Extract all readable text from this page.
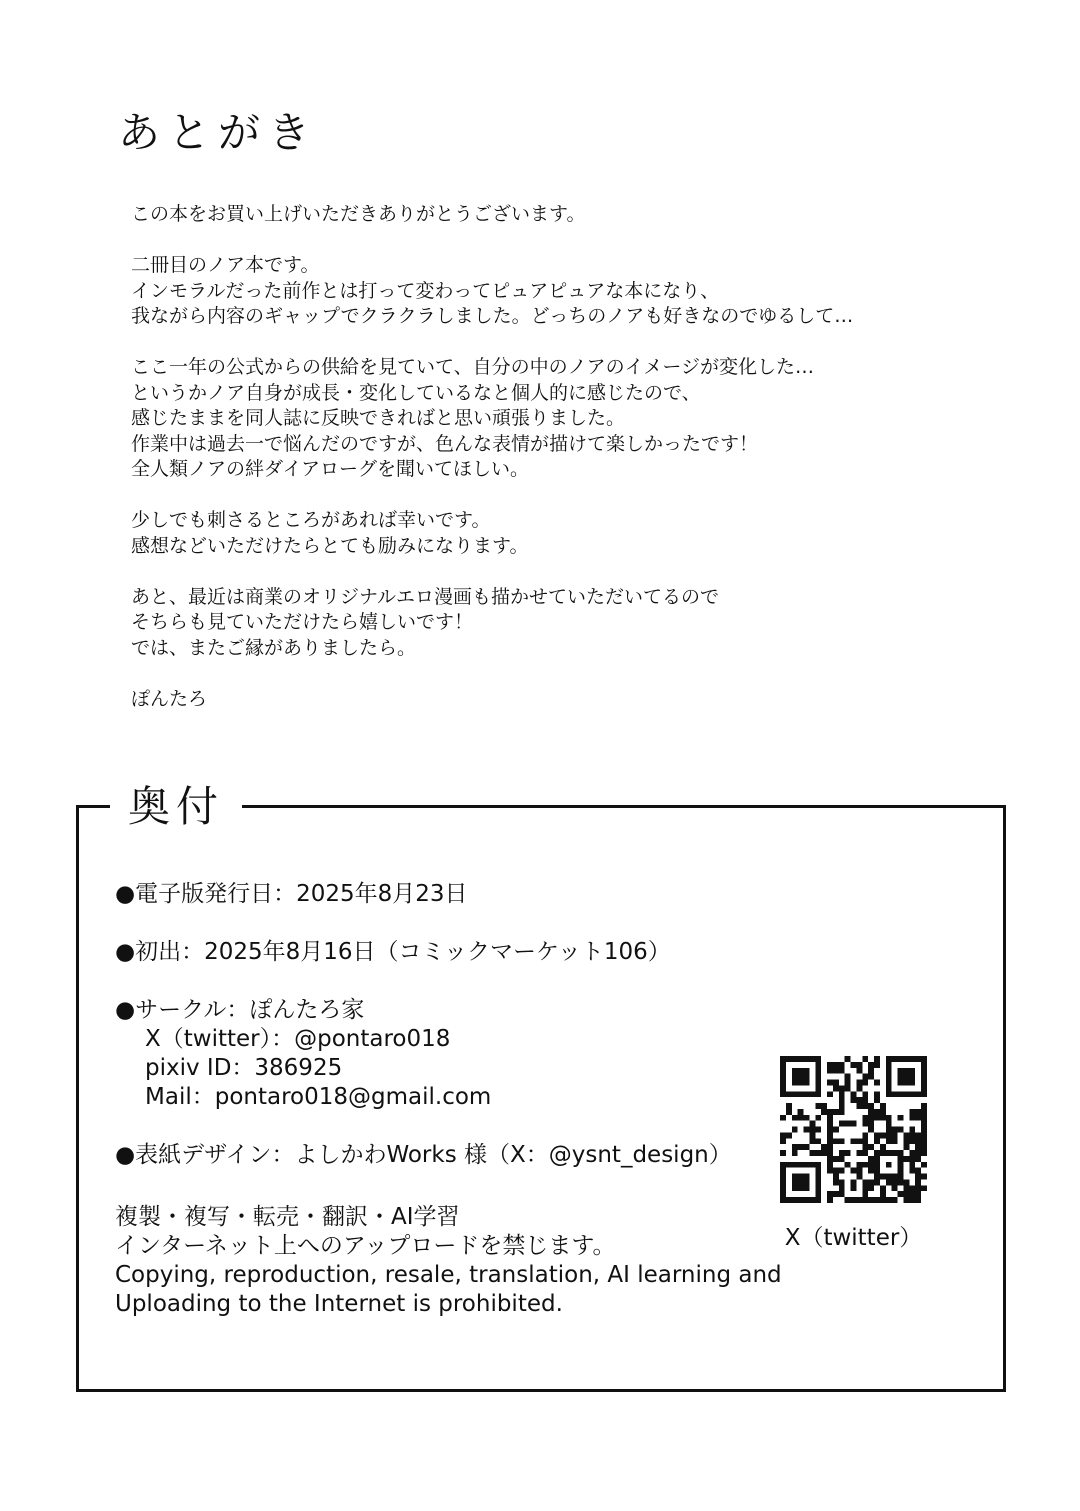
あとがき

この本をお買い上げいただきありがとうございます。

二冊目のノア本です。
インモラルだった前作とは打って変わってピュアピュアな本になり、
我ながら内容のギャップでクラクラしました。どっちのノアも好きなのでゆるして…

ここ一年の公式からの供給を見ていて、自分の中のノアのイメージが変化した…
というかノア自身が成長・変化しているなと個人的に感じたので、
感じたままを同人誌に反映できればと思い頑張りました。
作業中は過去一で悩んだのですが、色んな表情が描けて楽しかったです！
全人類ノアの絆ダイアローグを聞いてほしい。

少しでも刺さるところがあれば幸いです。
感想などいただけたらとても励みになります。

あと、最近は商業のオリジナルエロ漫画も描かせていただいてるので
そちらも見ていただけたら嬉しいです！
では、またご縁がありましたら。

ぽんたろ
奥付

●電子版発行日：2025年8月23日

●初出：2025年8月16日（コミックマーケット106）

●サークル：ぽんたろ家
X（twitter）：@pontaro018
pixiv ID：386925
Mail：pontaro018@gmail.com

●表紙デザイン：よしかわWorks 様（X：@ysnt_design）

複製・複写・転売・翻訳・AI学習
インターネット上へのアップロードを禁じます。
Copying, reproduction, resale, translation, AI learning and
Uploading to the Internet is prohibited.
X（twitter）
